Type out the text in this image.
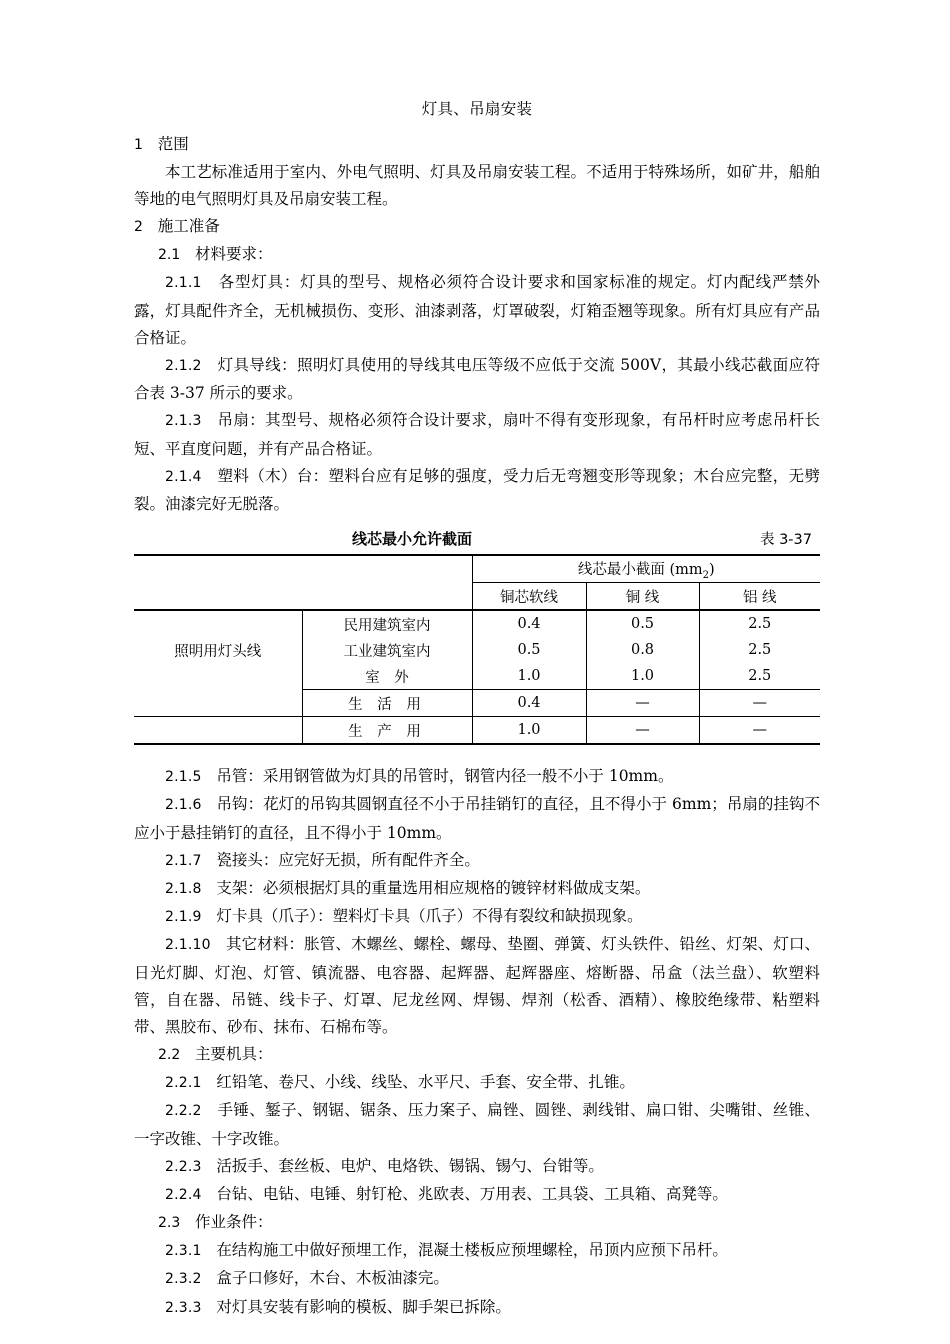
灯具、吊扇安装
1 范围
本工艺标准适用于室内、外电气照明、灯具及吊扇安装工程。不适用于特殊场所，如矿井，船舶等地的电气照明灯具及吊扇安装工程。
2 施工准备
2.1 材料要求：
2.1.1 各型灯具：灯具的型号、规格必须符合设计要求和国家标准的规定。灯内配线严禁外露，灯具配件齐全，无机械损伤、变形、油漆剥落，灯罩破裂，灯箱歪翘等现象。所有灯具应有产品合格证。
2.1.2 灯具导线：照明灯具使用的导线其电压等级不应低于交流 500V，其最小线芯截面应符合表 3-37 所示的要求。
2.1.3 吊扇：其型号、规格必须符合设计要求，扇叶不得有变形现象，有吊杆时应考虑吊杆长短、平直度问题，并有产品合格证。
2.1.4 塑料（木）台：塑料台应有足够的强度，受力后无弯翘变形等现象；木台应完整，无劈裂。油漆完好无脱落。
线芯最小允许截面	表 3-37
		线芯最小截面 $(mm_2)$		
		铜芯软线	铜 线	铝 线
照明用灯头线	民用建筑室内	0.4	0.5	2.5
	工业建筑室内	0.5	0.8	2.5
	室　外	1.0	1.0	2.5
	生 活 用	0.4	—	—
	生 产 用	1.0	—	—
2.1.5 吊管：采用钢管做为灯具的吊管时，钢管内径一般不小于 10mm。
2.1.6 吊钩：花灯的吊钩其圆钢直径不小于吊挂销钉的直径，且不得小于 6mm；吊扇的挂钩不应小于悬挂销钉的直径，且不得小于 10mm。
2.1.7 瓷接头：应完好无损，所有配件齐全。
2.1.8 支架：必须根据灯具的重量选用相应规格的镀锌材料做成支架。
2.1.9 灯卡具（爪子）：塑料灯卡具（爪子）不得有裂纹和缺损现象。
2.1.10 其它材料：胀管、木螺丝、螺栓、螺母、垫圈、弹簧、灯头铁件、铅丝、灯架、灯口、日光灯脚、灯泡、灯管、镇流器、电容器、起辉器、起辉器座、熔断器、吊盒（法兰盘）、软塑料管，自在器、吊链、线卡子、灯罩、尼龙丝网、焊锡、焊剂（松香、酒精）、橡胶绝缘带、粘塑料带、黑胶布、砂布、抹布、石棉布等。
2.2 主要机具：
2.2.1 红铅笔、卷尺、小线、线坠、水平尺、手套、安全带、扎锥。
2.2.2 手锤、錾子、钢锯、锯条、压力案子、扁锉、圆锉、剥线钳、扁口钳、尖嘴钳、丝锥、一字改锥、十字改锥。
2.2.3 活扳手、套丝板、电炉、电烙铁、锡锅、锡勺、台钳等。
2.2.4 台钻、电钻、电锤、射钉枪、兆欧表、万用表、工具袋、工具箱、高凳等。
2.3 作业条件：
2.3.1 在结构施工中做好预埋工作，混凝土楼板应预埋螺栓，吊顶内应预下吊杆。
2.3.2 盒子口修好，木台、木板油漆完。
2.3.3 对灯具安装有影响的模板、脚手架已拆除。
